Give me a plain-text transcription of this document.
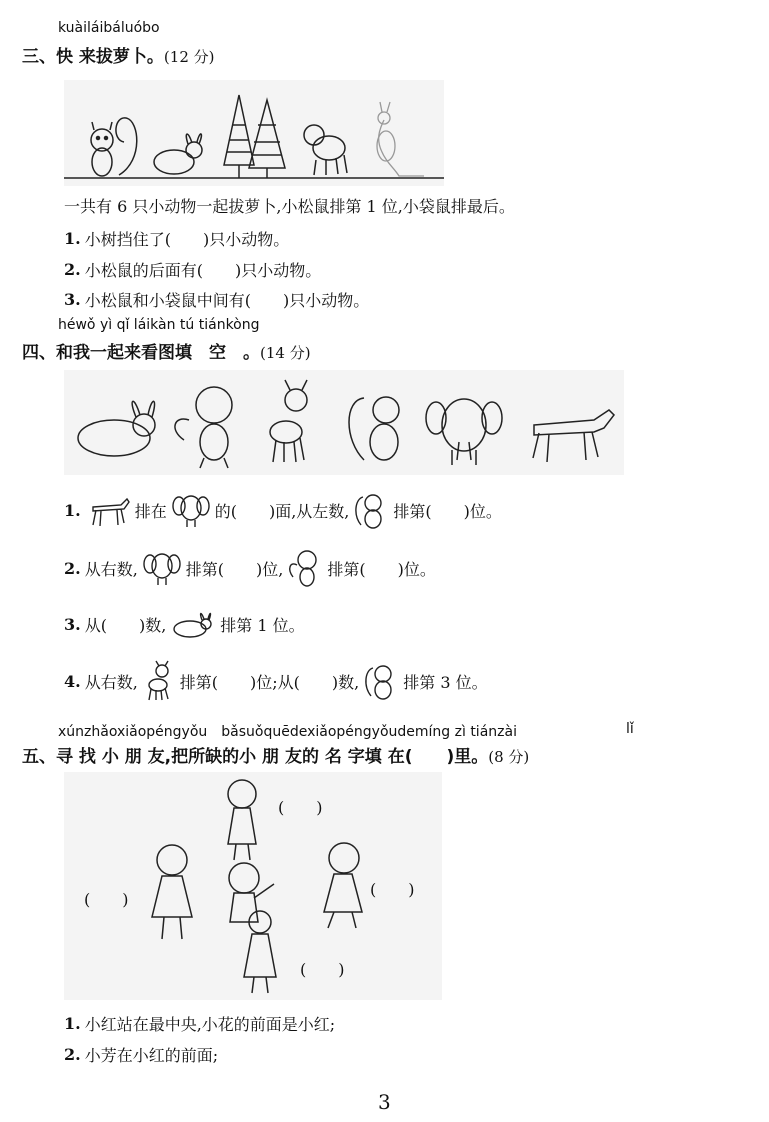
kuàiláibáluóbo
三、快 来拔萝卜。(12 分)
一共有 6 只小动物一起拔萝卜,小松鼠排第 1 位,小袋鼠排最后。
1. 小树挡住了(　　)只小动物。
2. 小松鼠的后面有(　　)只小动物。
3. 小松鼠和小袋鼠中间有(　　)只小动物。
héwǒ yì qǐ láikàn tú tiánkòng
四、和我一起来看图填　空　。(14 分)
1.	排在	的(　　)面,从左数,	排第(　　)位。
2. 从右数,	排第(　　)位,	排第(　　)位。
3. 从(　　)数,	排第 1 位。
4. 从右数,	排第(　　)位;从(　　)数,	排第 3 位。
xúnzhǎoxiǎopéngyǒu　bǎsuǒquēdexiǎopéngyǒudemíng zì tiánzài	lǐ
五、寻 找 小 朋 友,把所缺的小 朋 友的 名 字填 在(　　)里。(8 分)
(　　)
(　　)
(　　)
(　　)
1. 小红站在最中央,小花的前面是小红;
2. 小芳在小红的前面;
3
